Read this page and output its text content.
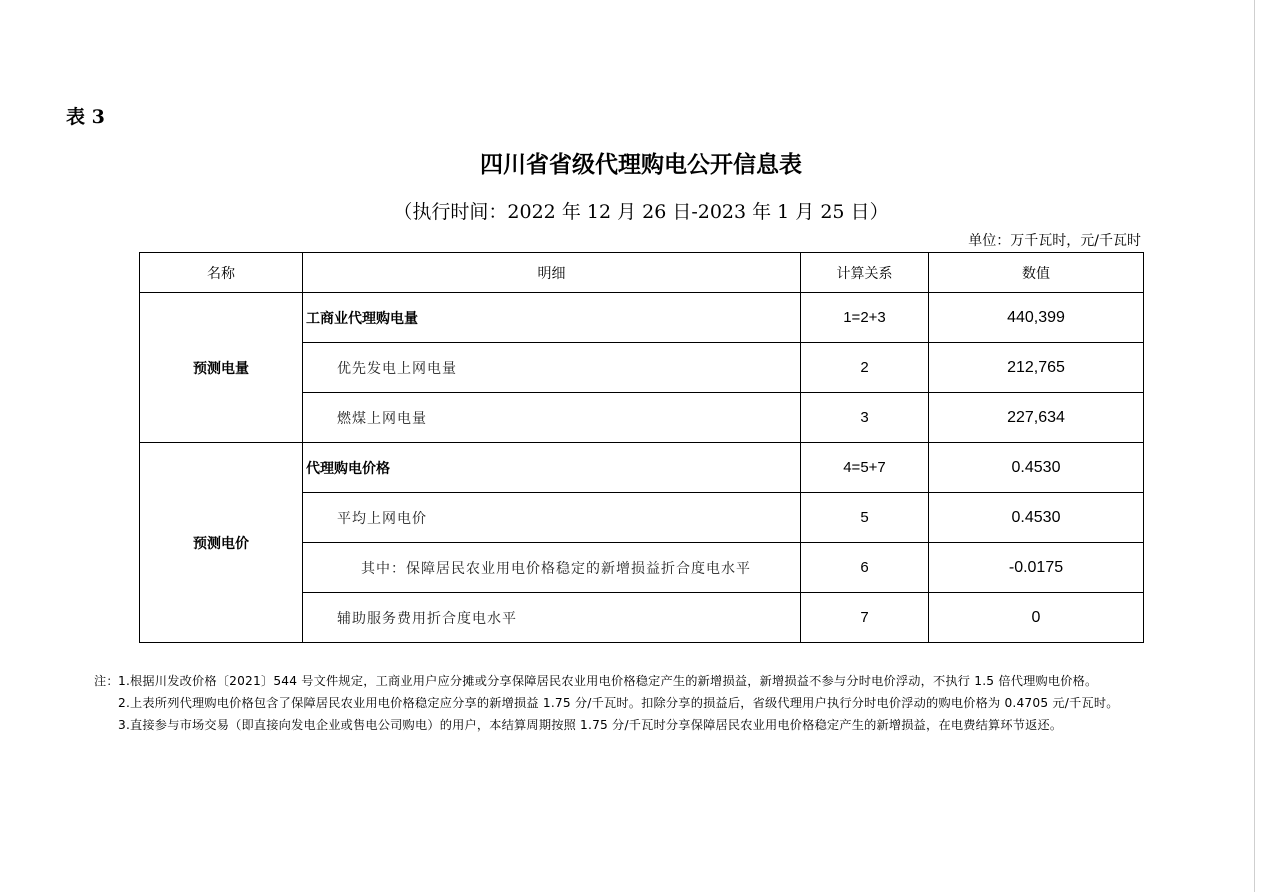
表 3
四川省省级代理购电公开信息表
（执行时间：2022 年 12 月 26 日-2023 年 1 月 25 日）
单位：万千瓦时，元/千瓦时
名称	明细	计算关系	数值
预测电量	工商业代理购电量	1=2+3	440,399
	优先发电上网电量	2	212,765
	燃煤上网电量	3	227,634
预测电价	代理购电价格	4=5+7	0.4530
	平均上网电价	5	0.4530
	其中：保障居民农业用电价格稳定的新增损益折合度电水平	6	-0.0175
	辅助服务费用折合度电水平	7	0
注： 1.根据川发改价格〔2021〕544 号文件规定，工商业用户应分摊或分享保障居民农业用电价格稳定产生的新增损益，新增损益不参与分时电价浮动，不执行 1.5 倍代理购电价格。
2.上表所列代理购电价格包含了保障居民农业用电价格稳定应分享的新增损益 1.75 分/千瓦时。扣除分享的损益后，省级代理用户执行分时电价浮动的购电价格为 0.4705 元/千瓦时。
3.直接参与市场交易（即直接向发电企业或售电公司购电）的用户，本结算周期按照 1.75 分/千瓦时分享保障居民农业用电价格稳定产生的新增损益，在电费结算环节返还。
